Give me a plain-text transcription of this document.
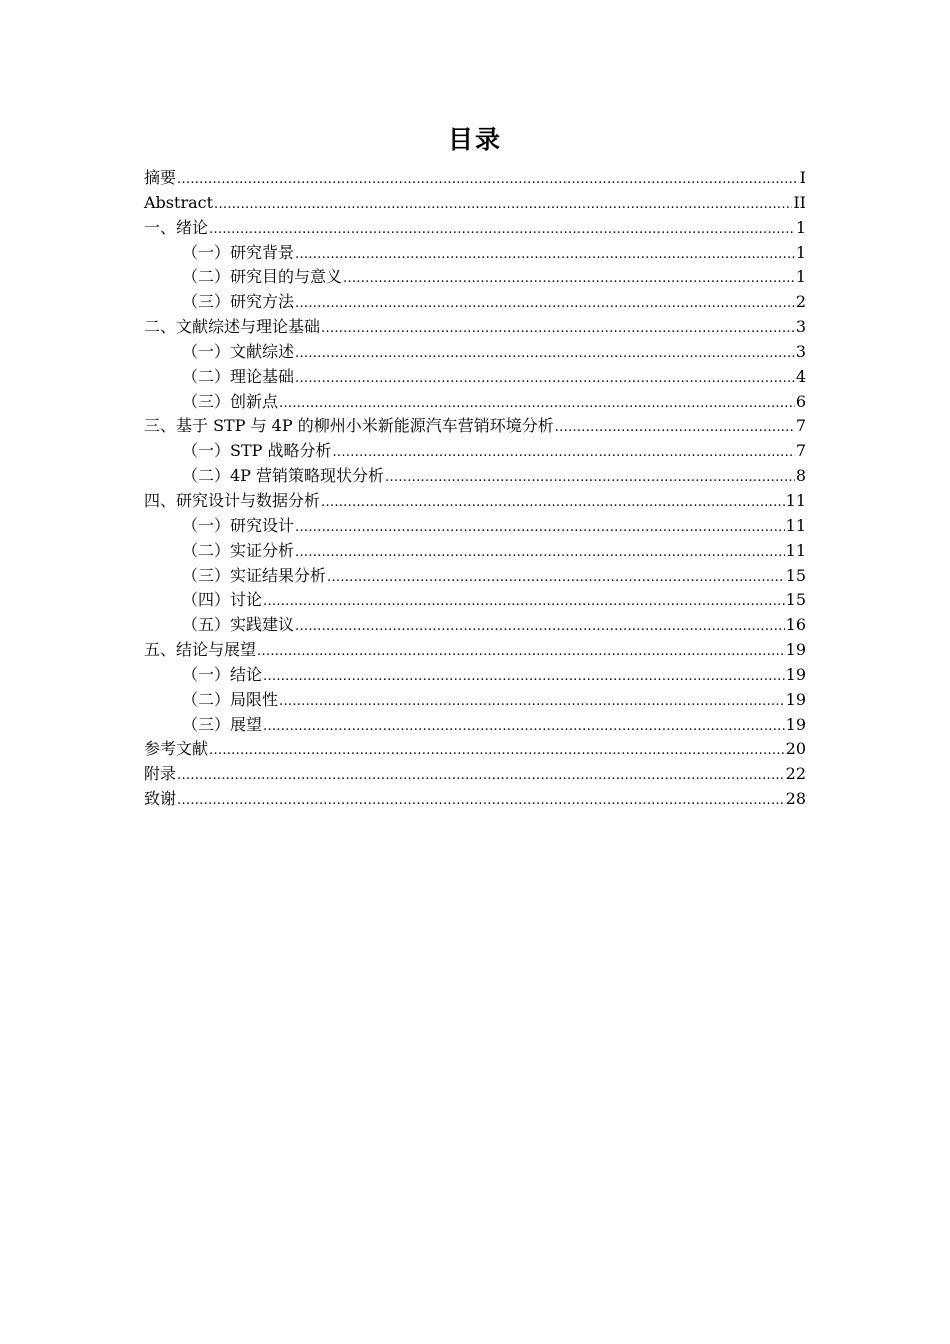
目录
摘要 .....	I
Abstract .....	II
一、绪论 .....	1
（一）研究背景 .....	1
（二）研究目的与意义 .....	1
（三）研究方法 .....	2
二、文献综述与理论基础 .....	3
（一）文献综述 .....	3
（二）理论基础 .....	4
（三）创新点 .....	6
三、基于 STP 与 4P 的柳州小米新能源汽车营销环境分析 .....	7
（一）STP 战略分析 .....	7
（二）4P 营销策略现状分析 .....	8
四、研究设计与数据分析 .....	11
（一）研究设计 .....	11
（二）实证分析 .....	11
（三）实证结果分析 .....	15
（四）讨论 .....	15
（五）实践建议 .....	16
五、结论与展望 .....	19
（一）结论 .....	19
（二）局限性 .....	19
（三）展望 .....	19
参考文献 .....	20
附录 .....	22
致谢 .....	28
